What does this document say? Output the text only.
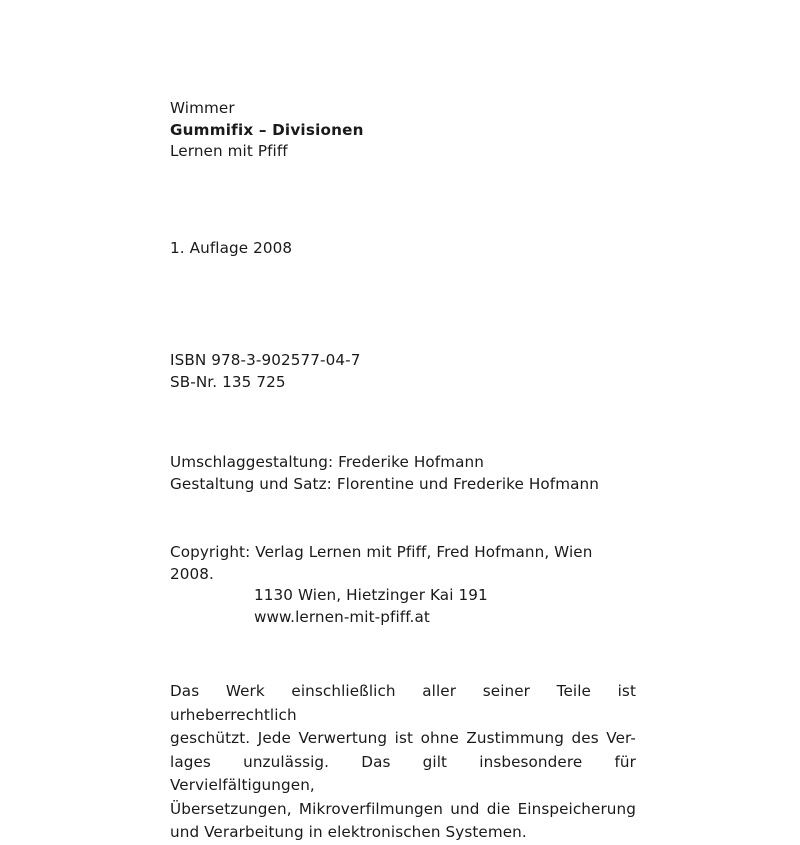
Wimmer
Gummifix – Divisionen
Lernen mit Pfiff
1. Auflage 2008
ISBN 978-3-902577-04-7
SB-Nr. 135 725
Umschlaggestaltung: Frederike Hofmann
Gestaltung und Satz: Florentine und Frederike Hofmann
Copyright: Verlag Lernen mit Pfiff, Fred Hofmann, Wien 2008.
1130 Wien, Hietzinger Kai 191
www.lernen-mit-pfiff.at
Das Werk einschließlich aller seiner Teile ist urheberrechtlich
geschützt. Jede Verwertung ist ohne Zustimmung des Ver-
lages unzulässig. Das gilt insbesondere für Vervielfältigungen,
Übersetzungen, Mikroverfilmungen und die Einspeicherung
und Verarbeitung in elektronischen Systemen.
